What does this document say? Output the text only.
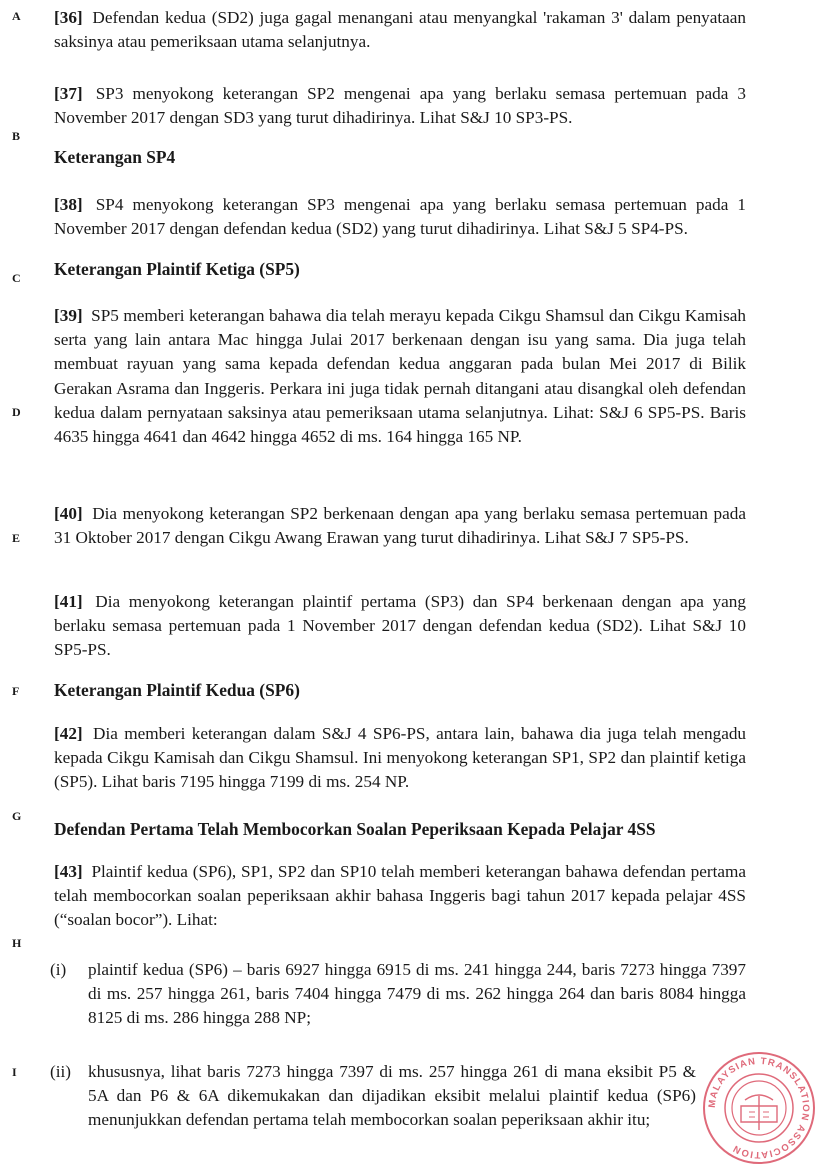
A
B
C
D
E
F
G
H
I
[36] Defendan kedua (SD2) juga gagal menangani atau menyangkal 'rakaman 3' dalam penyataan saksinya atau pemeriksaan utama selanjutnya.
[37] SP3 menyokong keterangan SP2 mengenai apa yang berlaku semasa pertemuan pada 3 November 2017 dengan SD3 yang turut dihadirinya. Lihat S&J 10 SP3-PS.
Keterangan SP4
[38] SP4 menyokong keterangan SP3 mengenai apa yang berlaku semasa pertemuan pada 1 November 2017 dengan defendan kedua (SD2) yang turut dihadirinya. Lihat S&J 5 SP4-PS.
Keterangan Plaintif Ketiga (SP5)
[39] SP5 memberi keterangan bahawa dia telah merayu kepada Cikgu Shamsul dan Cikgu Kamisah serta yang lain antara Mac hingga Julai 2017 berkenaan dengan isu yang sama. Dia juga telah membuat rayuan yang sama kepada defendan kedua anggaran pada bulan Mei 2017 di Bilik Gerakan Asrama dan Inggeris. Perkara ini juga tidak pernah ditangani atau disangkal oleh defendan kedua dalam pernyataan saksinya atau pemeriksaan utama selanjutnya. Lihat: S&J 6 SP5-PS. Baris 4635 hingga 4641 dan 4642 hingga 4652 di ms. 164 hingga 165 NP.
[40] Dia menyokong keterangan SP2 berkenaan dengan apa yang berlaku semasa pertemuan pada 31 Oktober 2017 dengan Cikgu Awang Erawan yang turut dihadirinya. Lihat S&J 7 SP5-PS.
[41] Dia menyokong keterangan plaintif pertama (SP3) dan SP4 berkenaan dengan apa yang berlaku semasa pertemuan pada 1 November 2017 dengan defendan kedua (SD2). Lihat S&J 10 SP5-PS.
Keterangan Plaintif Kedua (SP6)
[42] Dia memberi keterangan dalam S&J 4 SP6-PS, antara lain, bahawa dia juga telah mengadu kepada Cikgu Kamisah dan Cikgu Shamsul. Ini menyokong keterangan SP1, SP2 dan plaintif ketiga (SP5). Lihat baris 7195 hingga 7199 di ms. 254 NP.
Defendan Pertama Telah Membocorkan Soalan Peperiksaan Kepada Pelajar 4SS
[43] Plaintif kedua (SP6), SP1, SP2 dan SP10 telah memberi keterangan bahawa defendan pertama telah membocorkan soalan peperiksaan akhir bahasa Inggeris bagi tahun 2017 kepada pelajar 4SS (“soalan bocor”). Lihat:
(i)	plaintif kedua (SP6) – baris 6927 hingga 6915 di ms. 241 hingga 244, baris 7273 hingga 7397 di ms. 257 hingga 261, baris 7404 hingga 7479 di ms. 262 hingga 264 dan baris 8084 hingga 8125 di ms. 286 hingga 288 NP;
(ii) khususnya, lihat baris 7273 hingga 7397 di ms. 257 hingga 261 di mana eksibit P5 & 5A dan P6 & 6A dikemukakan dan dijadikan eksibit melalui plaintif kedua (SP6) menunjukkan defendan pertama telah membocorkan soalan peperiksaan akhir itu;
MALAYSIAN TRANSLATION ASSOCIATION
